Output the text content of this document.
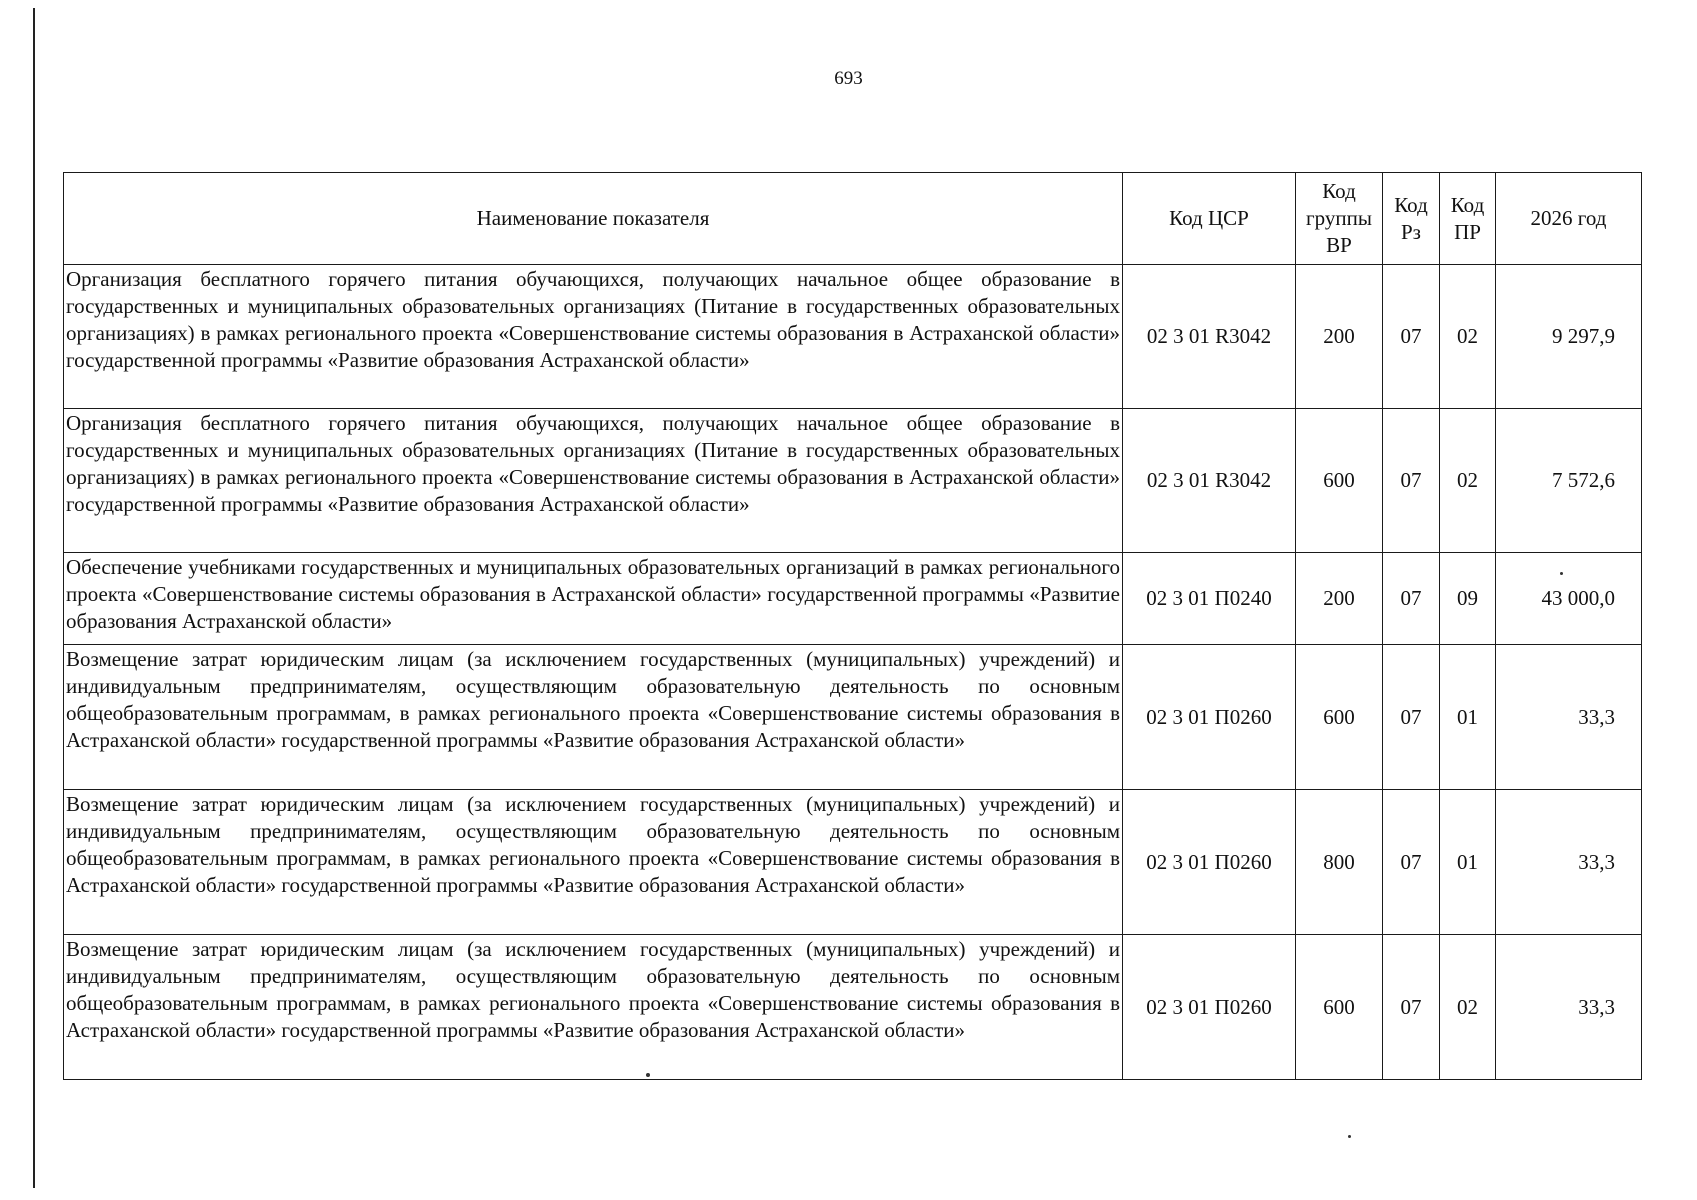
693
Наименование показателя	Код ЦСР	Код группы ВР	Код Рз	Код ПР	2026 год
Организация бесплатного горячего питания обучающихся, получающих начальное общее образование в государственных и муниципальных образовательных организациях (Питание в государственных образовательных организациях) в рамках регионального проекта «Совершенствование системы образования в Астраханской области» государственной программы «Развитие образования Астраханской области»	02 3 01 R3042	200	07	02	9 297,9
Организация бесплатного горячего питания обучающихся, получающих начальное общее образование в государственных и муниципальных образовательных организациях (Питание в государственных образовательных организациях) в рамках регионального проекта «Совершенствование системы образования в Астраханской области» государственной программы «Развитие образования Астраханской области»	02 3 01 R3042	600	07	02	7 572,6
Обеспечение учебниками государственных и муниципальных образовательных организаций в рамках регионального проекта «Совершенствование системы образования в Астраханской области» государственной программы «Развитие образования Астраханской области»	02 3 01 П0240	200	07	09	43 000,0
Возмещение затрат юридическим лицам (за исключением государственных (муниципальных) учреждений) и индивидуальным предпринимателям, осуществляющим образовательную деятельность по основным общеобразовательным программам, в рамках регионального проекта «Совершенствование системы образования в Астраханской области» государственной программы «Развитие образования Астраханской области»	02 3 01 П0260	600	07	01	33,3
Возмещение затрат юридическим лицам (за исключением государственных (муниципальных) учреждений) и индивидуальным предпринимателям, осуществляющим образовательную деятельность по основным общеобразовательным программам, в рамках регионального проекта «Совершенствование системы образования в Астраханской области» государственной программы «Развитие образования Астраханской области»	02 3 01 П0260	800	07	01	33,3
Возмещение затрат юридическим лицам (за исключением государственных (муниципальных) учреждений) и индивидуальным предпринимателям, осуществляющим образовательную деятельность по основным общеобразовательным программам, в рамках регионального проекта «Совершенствование системы образования в Астраханской области» государственной программы «Развитие образования Астраханской области»	02 3 01 П0260	600	07	02	33,3
